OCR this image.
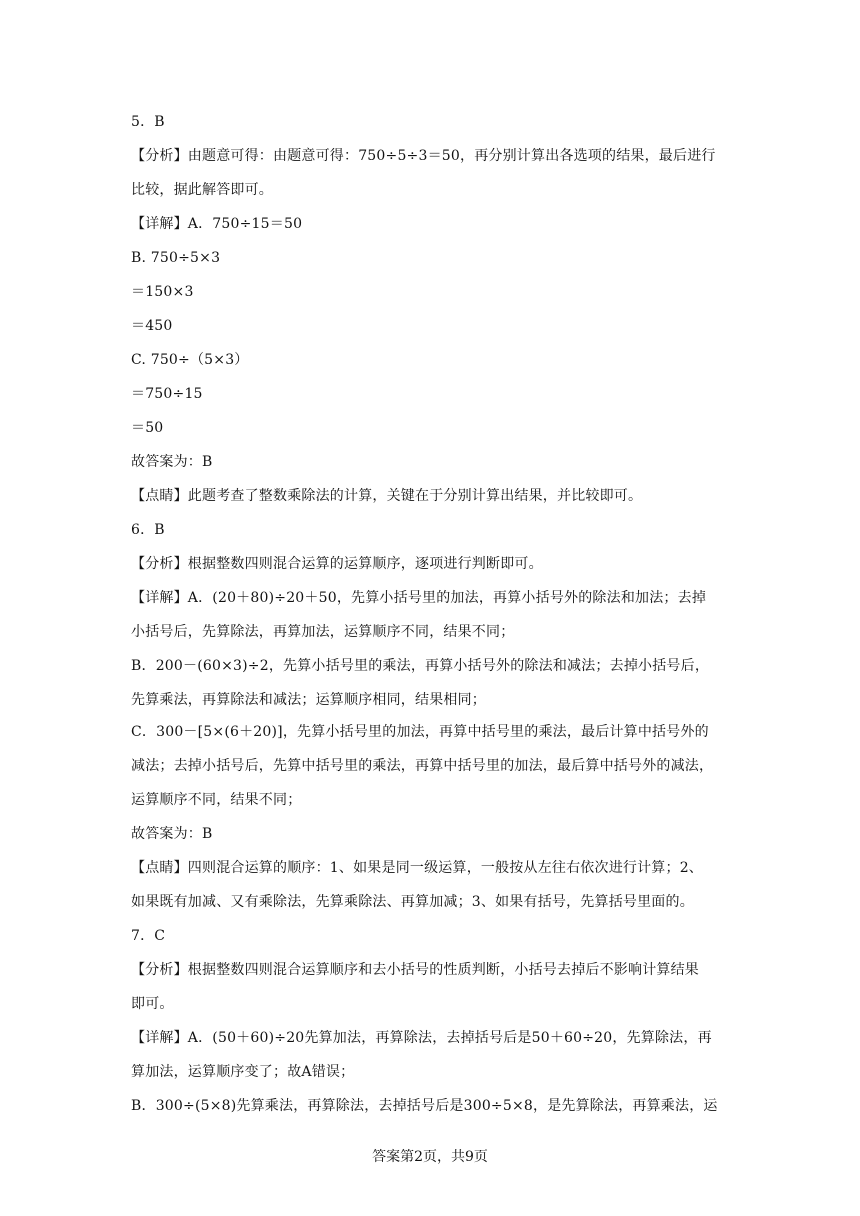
5．B
【分析】由题意可得：由题意可得：750÷5÷3＝50，再分别计算出各选项的结果，最后进行
比较，据此解答即可。
【详解】A．750÷15＝50
B. 750÷5×3
＝150×3
＝450
C. 750÷（5×3）
＝750÷15
＝50
故答案为：B
【点睛】此题考查了整数乘除法的计算，关键在于分别计算出结果，并比较即可。
6．B
【分析】根据整数四则混合运算的运算顺序，逐项进行判断即可。
【详解】A．(20＋80)÷20＋50，先算小括号里的加法，再算小括号外的除法和加法；去掉
小括号后，先算除法，再算加法，运算顺序不同，结果不同；
B．200－(60×3)÷2，先算小括号里的乘法，再算小括号外的除法和减法；去掉小括号后，
先算乘法，再算除法和减法；运算顺序相同，结果相同；
C．300－[5×(6＋20)]，先算小括号里的加法，再算中括号里的乘法，最后计算中括号外的
减法；去掉小括号后，先算中括号里的乘法，再算中括号里的加法，最后算中括号外的减法，
运算顺序不同，结果不同；
故答案为：B
【点睛】四则混合运算的顺序：1、如果是同一级运算，一般按从左往右依次进行计算；2、
如果既有加减、又有乘除法，先算乘除法、再算加减；3、如果有括号，先算括号里面的。
7．C
【分析】根据整数四则混合运算顺序和去小括号的性质判断，小括号去掉后不影响计算结果
即可。
【详解】A．(50＋60)÷20先算加法，再算除法，去掉括号后是50＋60÷20，先算除法，再
算加法，运算顺序变了；故A错误；
B．300÷(5×8)先算乘法，再算除法，去掉括号后是300÷5×8，是先算除法，再算乘法，运
答案第2页，共9页
